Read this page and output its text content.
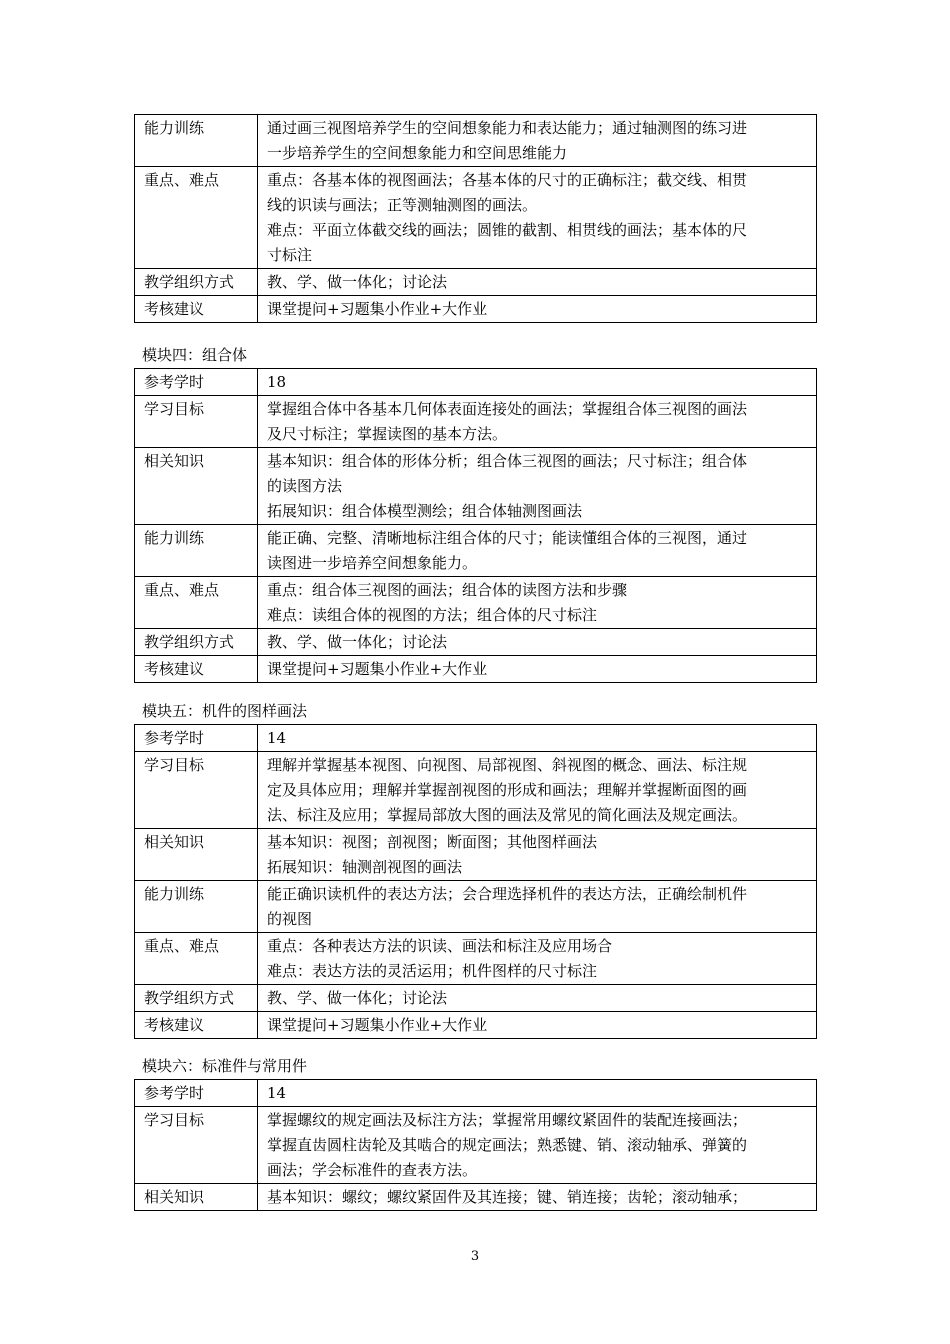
能力训练	通过画三视图培养学生的空间想象能力和表达能力；通过轴测图的练习进
一步培养学生的空间想象能力和空间思维能力

重点、难点	重点：各基本体的视图画法；各基本体的尺寸的正确标注；截交线、相贯
线的识读与画法；正等测轴测图的画法。
难点：平面立体截交线的画法；圆锥的截割、相贯线的画法；基本体的尺
寸标注

教学组织方式	教、学、做一体化；讨论法

考核建议	课堂提问+习题集小作业+大作业
模块四：组合体
参考学时	18

学习目标	掌握组合体中各基本几何体表面连接处的画法；掌握组合体三视图的画法
及尺寸标注；掌握读图的基本方法。

相关知识	基本知识：组合体的形体分析；组合体三视图的画法；尺寸标注；组合体
的读图方法
拓展知识：组合体模型测绘；组合体轴测图画法

能力训练	能正确、完整、清晰地标注组合体的尺寸；能读懂组合体的三视图，通过
读图进一步培养空间想象能力。

重点、难点	重点：组合体三视图的画法；组合体的读图方法和步骤
难点：读组合体的视图的方法；组合体的尺寸标注

教学组织方式	教、学、做一体化；讨论法

考核建议	课堂提问+习题集小作业+大作业
模块五：机件的图样画法
参考学时	14

学习目标	理解并掌握基本视图、向视图、局部视图、斜视图的概念、画法、标注规
定及具体应用；理解并掌握剖视图的形成和画法；理解并掌握断面图的画
法、标注及应用；掌握局部放大图的画法及常见的简化画法及规定画法。

相关知识	基本知识：视图；剖视图；断面图；其他图样画法
拓展知识：轴测剖视图的画法

能力训练	能正确识读机件的表达方法；会合理选择机件的表达方法，正确绘制机件
的视图

重点、难点	重点：各种表达方法的识读、画法和标注及应用场合
难点：表达方法的灵活运用；机件图样的尺寸标注

教学组织方式	教、学、做一体化；讨论法

考核建议	课堂提问+习题集小作业+大作业
模块六：标准件与常用件
参考学时	14

学习目标	掌握螺纹的规定画法及标注方法；掌握常用螺纹紧固件的装配连接画法；
掌握直齿圆柱齿轮及其啮合的规定画法；熟悉键、销、滚动轴承、弹簧的
画法；学会标准件的查表方法。

相关知识	基本知识：螺纹；螺纹紧固件及其连接；键、销连接；齿轮；滚动轴承；
3
